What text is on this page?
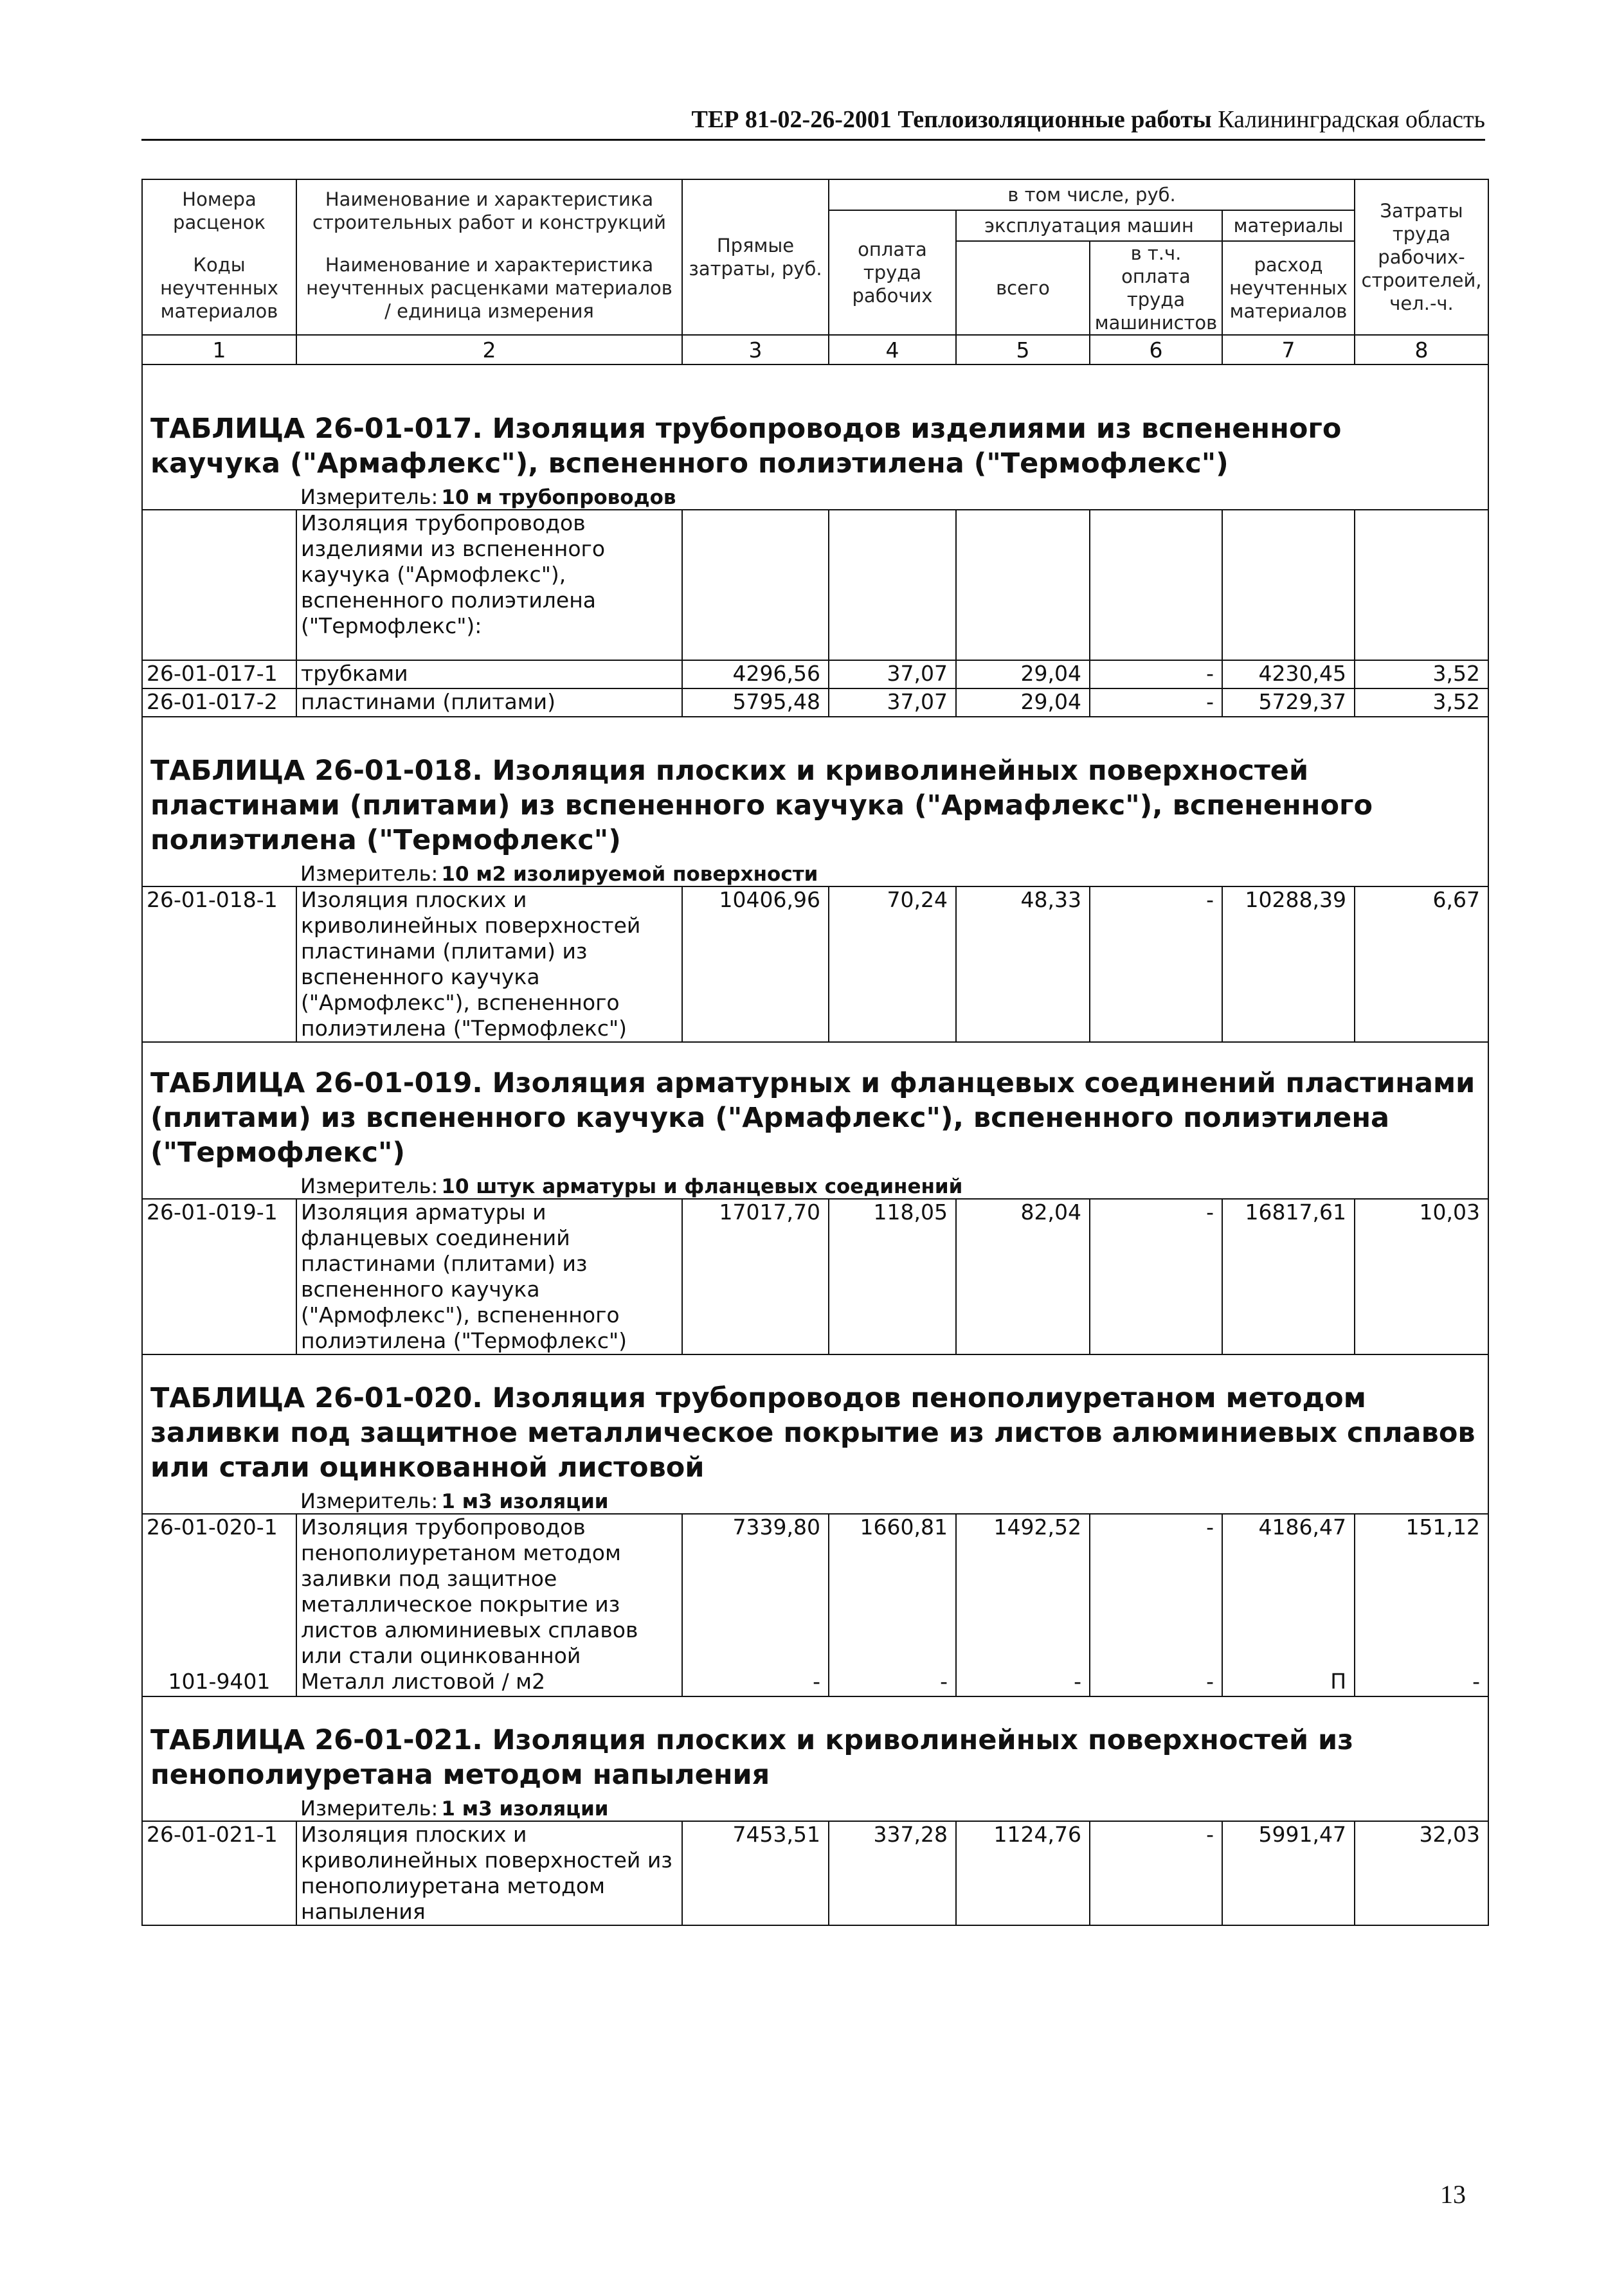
ТЕР 81-02-26-2001 Теплоизоляционные работы Калининградская область
Номера расценок	Наименование и характеристика строительных работ и конструкций	Прямые затраты, руб.	в том числе, руб.				Затраты труда рабочих-строителей, чел.-ч.
			оплата труда рабочих	эксплуатация машин		материалы	
Коды неучтенных материалов	Наименование и характеристика неучтенных расценками материалов / единица измерения			всего	в т.ч. оплата труда машинистов	расход неучтенных материалов	

1	2	3	4	5	6	7	8

ТАБЛИЦА 26-01-017. Изоляция трубопроводов изделиями из вспененного каучука ("Армафлекс"), вспененного полиэтилена ("Термофлекс")							

	Измеритель: 10 м трубопроводов						
	Изоляция трубопроводов изделиями из вспененного каучука ("Армофлекс"), вспененного полиэтилена ("Термофлекс"):						
26-01-017-1	трубками	4296,56	37,07	29,04	-	4230,45	3,52
26-01-017-2	пластинами (плитами)	5795,48	37,07	29,04	-	5729,37	3,52

ТАБЛИЦА 26-01-018. Изоляция плоских и криволинейных поверхностей пластинами (плитами) из вспененного каучука ("Армафлекс"), вспененного полиэтилена ("Термофлекс")							

	Измеритель: 10 м2 изолируемой поверхности						
26-01-018-1	Изоляция плоских и криволинейных поверхностей пластинами (плитами) из вспененного каучука ("Армофлекс"), вспененного полиэтилена ("Термофлекс")	10406,96	70,24	48,33	-	10288,39	6,67

ТАБЛИЦА 26-01-019. Изоляция арматурных и фланцевых соединений пластинами (плитами) из вспененного каучука ("Армафлекс"), вспененного полиэтилена ("Термофлекс")							

	Измеритель: 10 штук арматуры и фланцевых соединений						
26-01-019-1	Изоляция арматуры и фланцевых соединений пластинами (плитами) из вспененного каучука ("Армофлекс"), вспененного полиэтилена ("Термофлекс")	17017,70	118,05	82,04	-	16817,61	10,03

ТАБЛИЦА 26-01-020. Изоляция трубопроводов пенополиуретаном методом заливки под защитное металлическое покрытие из листов алюминиевых сплавов или стали оцинкованной листовой							

	Измеритель: 1 м3 изоляции						
26-01-020-1	Изоляция трубопроводов пенополиуретаном методом заливки под защитное металлическое покрытие из листов алюминиевых сплавов или стали оцинкованной	7339,80	1660,81	1492,52	-	4186,47	151,12
101-9401	Металл листовой / м2	-	-	-	-	П	-

ТАБЛИЦА 26-01-021. Изоляция плоских и криволинейных поверхностей из пенополиуретана методом напыления							

	Измеритель: 1 м3 изоляции						
26-01-021-1	Изоляция плоских и криволинейных поверхностей из пенополиуретана методом напыления	7453,51	337,28	1124,76	-	5991,47	32,03
13
